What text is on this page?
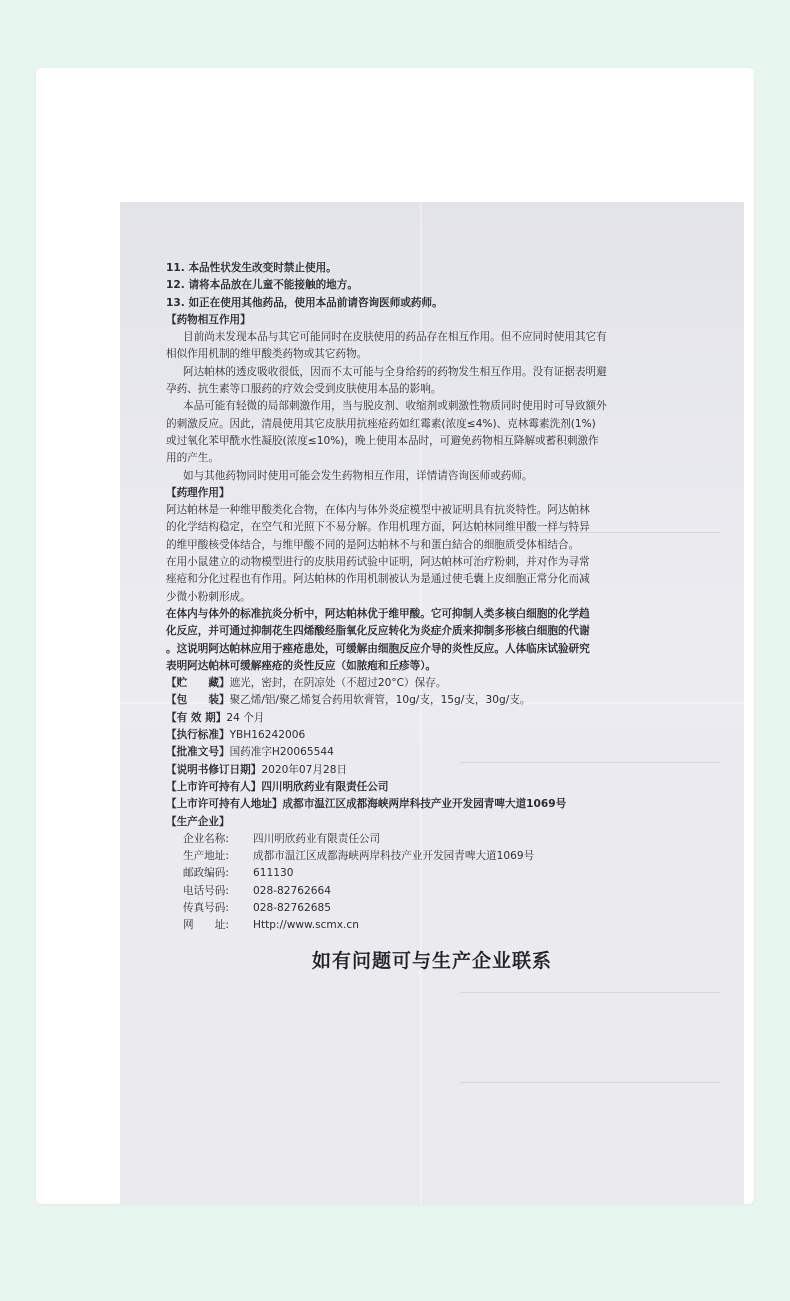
11. 本品性状发生改变时禁止使用。
12. 请将本品放在儿童不能接触的地方。
13. 如正在使用其他药品，使用本品前请咨询医师或药师。
【药物相互作用】
目前尚未发现本品与其它可能同时在皮肤使用的药品存在相互作用。但不应同时使用其它有
相似作用机制的维甲酸类药物或其它药物。
阿达帕林的透皮吸收很低，因而不太可能与全身给药的药物发生相互作用。没有证据表明避
孕药、抗生素等口服药的疗效会受到皮肤使用本品的影响。
本品可能有轻微的局部刺激作用，当与脱皮剂、收缩剂或刺激性物质同时使用时可导致额外
的刺激反应。因此，清晨使用其它皮肤用抗痤疮药如红霉素(浓度≤4%)、克林霉素洗剂(1%)
或过氧化苯甲酰水性凝胶(浓度≤10%)，晚上使用本品时，可避免药物相互降解或蓄积刺激作
用的产生。
如与其他药物同时使用可能会发生药物相互作用，详情请咨询医师或药师。
【药理作用】
阿达帕林是一种维甲酸类化合物，在体内与体外炎症模型中被证明具有抗炎特性。阿达帕林
的化学结构稳定，在空气和光照下不易分解。作用机理方面，阿达帕林同维甲酸一样与特异
的维甲酸核受体结合，与维甲酸不同的是阿达帕林不与和蛋白結合的细胞质受体相结合。
在用小鼠建立的动物模型进行的皮肤用药试验中证明，阿达帕林可治疗粉刺，并对作为寻常
痤疮和分化过程也有作用。阿达帕林的作用机制被认为是通过使毛囊上皮细胞正常分化而减
少微小粉刺形成。
在体内与体外的标准抗炎分析中，阿达帕林优于维甲酸。它可抑制人类多核白细胞的化学趋
化反应，并可通过抑制花生四烯酸经脂氧化反应转化为炎症介质来抑制多形核白细胞的代谢
。这说明阿达帕林应用于痤疮患处，可缓解由细胞反应介导的炎性反应。人体临床试验研究
表明阿达帕林可缓解痤疮的炎性反应（如脓疱和丘疹等）。
【贮　　藏】遮光，密封，在阴凉处（不超过20°C）保存。
【包　　装】聚乙烯/铝/聚乙烯复合药用软膏管，10g/支，15g/支，30g/支。
【有 效 期】24 个月
【执行标准】YBH16242006
【批准文号】国药准字H20065544
【说明书修订日期】2020年07月28日
【上市许可持有人】四川明欣药业有限责任公司
【上市许可持有人地址】成都市温江区成都海峡两岸科技产业开发园青啤大道1069号
【生产企业】
企业名称: 四川明欣药业有限责任公司
生产地址: 成都市温江区成都海峡两岸科技产业开发园青啤大道1069号
邮政编码: 611130
电话号码: 028-82762664
传真号码: 028-82762685
网　　址: Http://www.scmx.cn
如有问题可与生产企业联系
